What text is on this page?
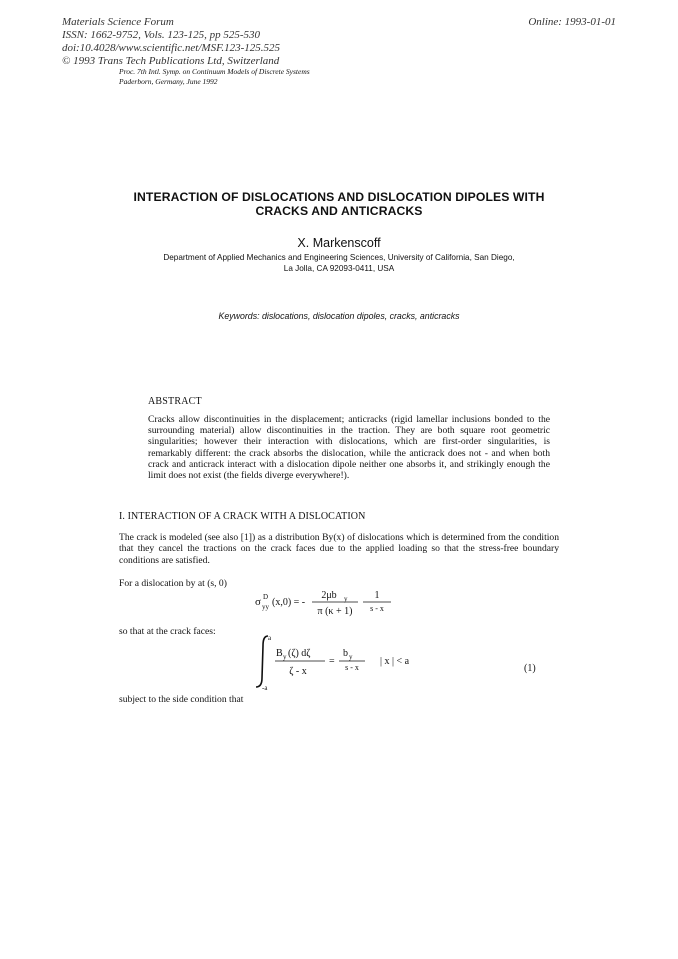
Materials Science Forum
ISSN: 1662-9752, Vols. 123-125, pp 525-530
doi:10.4028/www.scientific.net/MSF.123-125.525
© 1993 Trans Tech Publications Ltd, Switzerland
Online: 1993-01-01
Proc. 7th Intl. Symp. on Continuum Models of Discrete Systems
Paderborn, Germany, June 1992
INTERACTION OF DISLOCATIONS AND DISLOCATION DIPOLES WITH
CRACKS AND ANTICRACKS
X. Markenscoff
Department of Applied Mechanics and Engineering Sciences, University of California, San Diego,
La Jolla, CA 92093-0411, USA
Keywords: dislocations, dislocation dipoles, cracks, anticracks
ABSTRACT
Cracks allow discontinuities in the displacement; anticracks (rigid lamellar inclusions bonded to the surrounding material) allow discontinuities in the traction. They are both square root geometric singularities; however their interaction with dislocations, which are first-order singularities, is remarkably different: the crack absorbs the dislocation, while the anticrack does not - and when both crack and anticrack interact with a dislocation dipole neither one absorbs it, and strikingly enough the limit does not exist (the fields diverge everywhere!).
I. INTERACTION OF A CRACK WITH A DISLOCATION
The crack is modeled (see also [1]) as a distribution By(x) of dislocations which is determined from the condition that they cancel the tractions on the crack faces due to the applied loading so that the stress-free boundary conditions are satisfied.
For a dislocation by at (s, 0)
σ yy
D (x,0) = -
2μb y
π (κ + 1)
1
s - x
so that at the crack faces:
a
-a
B y (ζ) dζ
ζ - x
=
b y
s - x
| x | < a
(1)
subject to the side condition that
